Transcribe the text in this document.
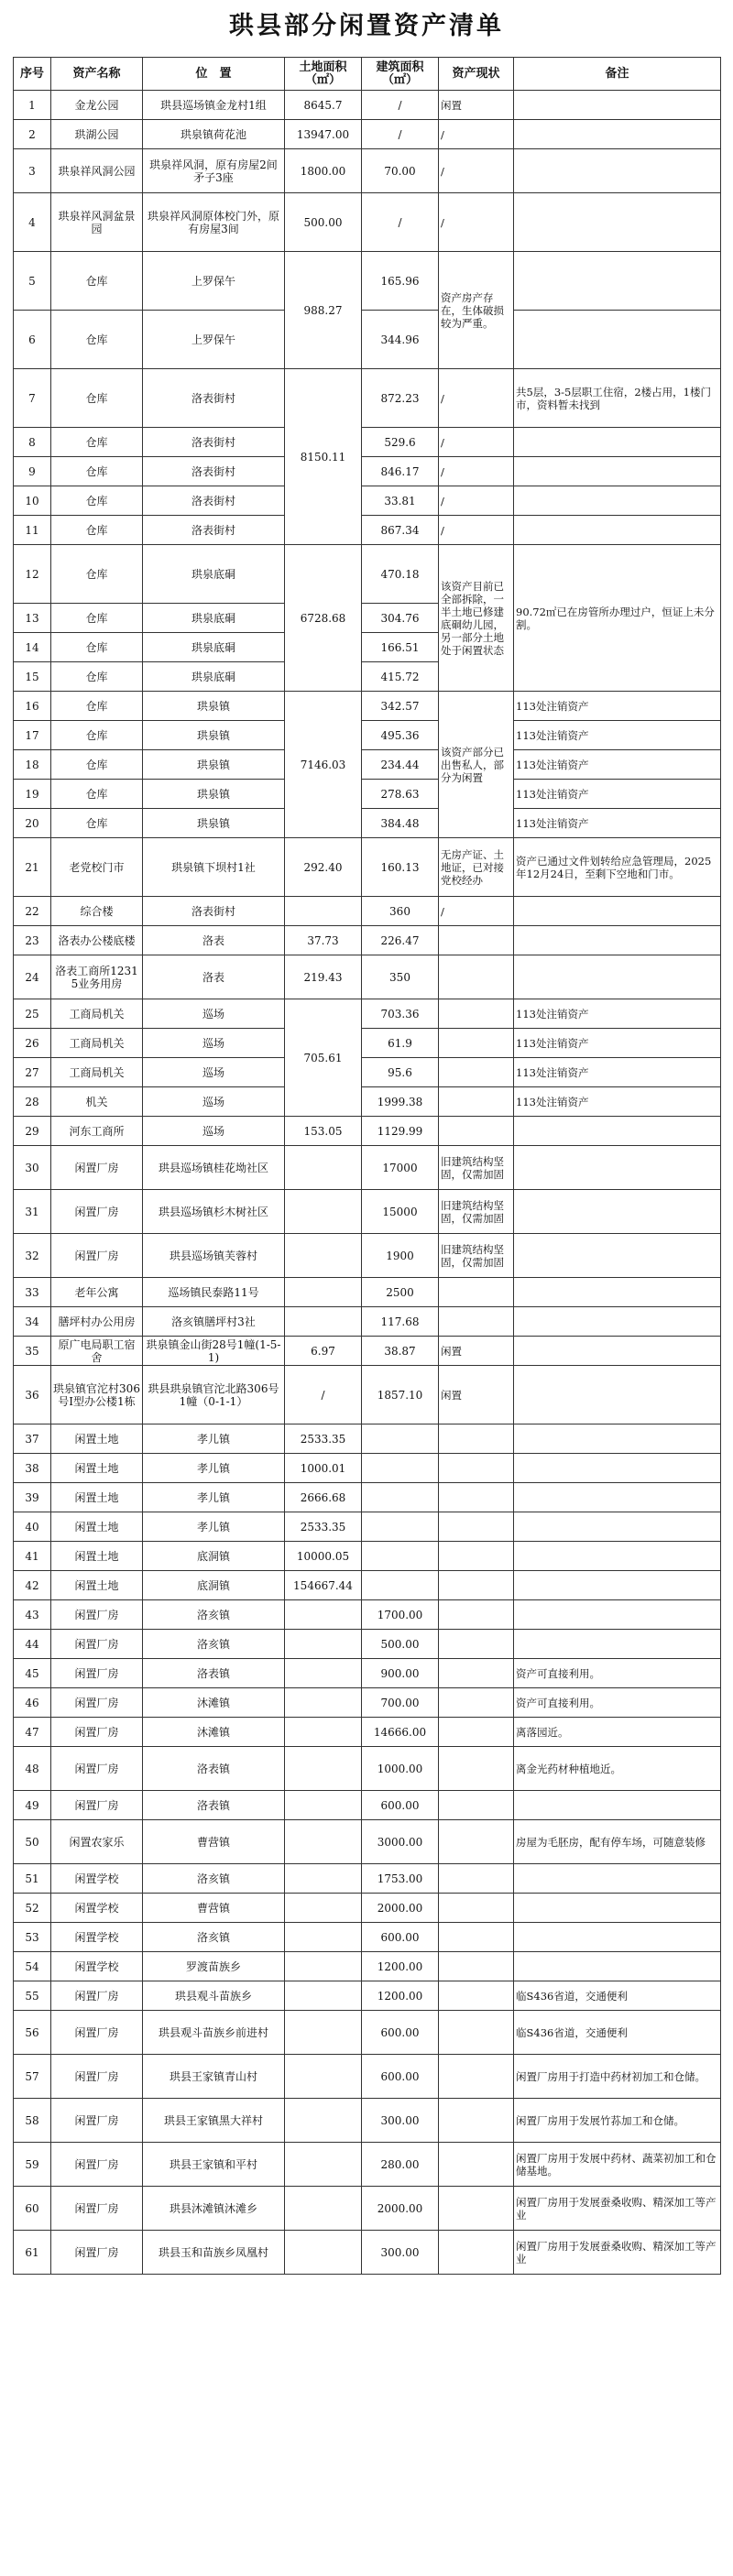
珙县部分闲置资产清单
序号	资产名称	位　置	土地面积（㎡）	建筑面积（㎡）	资产现状	备注
1	金龙公园	珙县巡场镇金龙村1组	8645.7	/	闲置	
2	珙湖公园	珙泉镇荷花池	13947.00	/	/	
3	珙泉祥风洞公园	珙泉祥风洞，原有房屋2间矛子3座	1800.00	70.00	/	
4	珙泉祥风洞盆景园	珙泉祥风洞原体校门外，原有房屋3间	500.00	/	/	
5	仓库	上罗保午	988.27	165.96	资产房产存在，生体破损较为严重。	
6	仓库	上罗保午		344.96		
7	仓库	洛表街村	8150.11	872.23	/	共5层，3-5层职工住宿，2楼占用，1楼门市，资料暂未找到
8	仓库	洛表街村		529.6	/	
9	仓库	洛表街村		846.17	/	
10	仓库	洛表街村		33.81	/	
11	仓库	洛表街村		867.34	/	
12	仓库	珙泉底硐	6728.68	470.18	该资产目前已全部拆除，一半土地已修建底硐幼儿园，另一部分土地处于闲置状态	90.72㎡已在房管所办理过户，恒证上未分割。
13	仓库	珙泉底硐		304.76		
14	仓库	珙泉底硐		166.51		
15	仓库	珙泉底硐		415.72		
16	仓库	珙泉镇	7146.03	342.57	该资产部分已出售私人，部分为闲置	113处注销资产
17	仓库	珙泉镇		495.36		113处注销资产
18	仓库	珙泉镇		234.44		113处注销资产
19	仓库	珙泉镇		278.63		113处注销资产
20	仓库	珙泉镇		384.48		113处注销资产
21	老党校门市	珙泉镇下坝村1社	292.40	160.13	无房产证、土地证，已对接党校经办	资产已通过文件划转给应急管理局，2025年12月24日，至剩下空地和门市。
22	综合楼	洛表街村		360	/	
23	洛表办公楼底楼	洛表	37.73	226.47		
24	洛表工商所12315业务用房	洛表	219.43	350		
25	工商局机关	巡场	705.61	703.36		113处注销资产
26	工商局机关	巡场		61.9		113处注销资产
27	工商局机关	巡场		95.6		113处注销资产
28	机关	巡场		1999.38		113处注销资产
29	河东工商所	巡场	153.05	1129.99		
30	闲置厂房	珙县巡场镇桂花坳社区		17000	旧建筑结构坚固，仅需加固	
31	闲置厂房	珙县巡场镇杉木树社区		15000	旧建筑结构坚固，仅需加固	
32	闲置厂房	珙县巡场镇芙蓉村		1900	旧建筑结构坚固，仅需加固	
33	老年公寓	巡场镇民泰路11号		2500		
34	膳坪村办公用房	洛亥镇膳坪村3社		117.68		
35	原广电局职工宿舍	珙泉镇金山街28号1幢(1-5-1)	6.97	38.87	闲置	
36	珙泉镇官沱村306号Ⅰ型办公楼1栋	珙县珙泉镇官沱北路306号1幢（0-1-1）	/	1857.10	闲置	
37	闲置土地	孝儿镇	2533.35			
38	闲置土地	孝儿镇	1000.01			
39	闲置土地	孝儿镇	2666.68			
40	闲置土地	孝儿镇	2533.35			
41	闲置土地	底洞镇	10000.05			
42	闲置土地	底洞镇	154667.44			
43	闲置厂房	洛亥镇		1700.00		
44	闲置厂房	洛亥镇		500.00		
45	闲置厂房	洛表镇		900.00		资产可直接利用。
46	闲置厂房	沐滩镇		700.00		资产可直接利用。
47	闲置厂房	沐滩镇		14666.00		离落园近。
48	闲置厂房	洛表镇		1000.00		离金光药材种植地近。
49	闲置厂房	洛表镇		600.00		
50	闲置农家乐	曹营镇		3000.00		房屋为毛胚房，配有停车场，可随意装修
51	闲置学校	洛亥镇		1753.00		
52	闲置学校	曹营镇		2000.00		
53	闲置学校	洛亥镇		600.00		
54	闲置学校	罗渡苗族乡		1200.00		
55	闲置厂房	珙县观斗苗族乡		1200.00		临S436省道，交通便利
56	闲置厂房	珙县观斗苗族乡前进村		600.00		临S436省道，交通便利
57	闲置厂房	珙县王家镇青山村		600.00		闲置厂房用于打造中药材初加工和仓储。
58	闲置厂房	珙县王家镇黑大祥村		300.00		闲置厂房用于发展竹荪加工和仓储。
59	闲置厂房	珙县王家镇和平村		280.00		闲置厂房用于发展中药材、蔬菜初加工和仓储基地。
60	闲置厂房	珙县沐滩镇沐滩乡		2000.00		闲置厂房用于发展蚕桑收购、精深加工等产业
61	闲置厂房	珙县玉和苗族乡凤凰村		300.00		闲置厂房用于发展蚕桑收购、精深加工等产业
